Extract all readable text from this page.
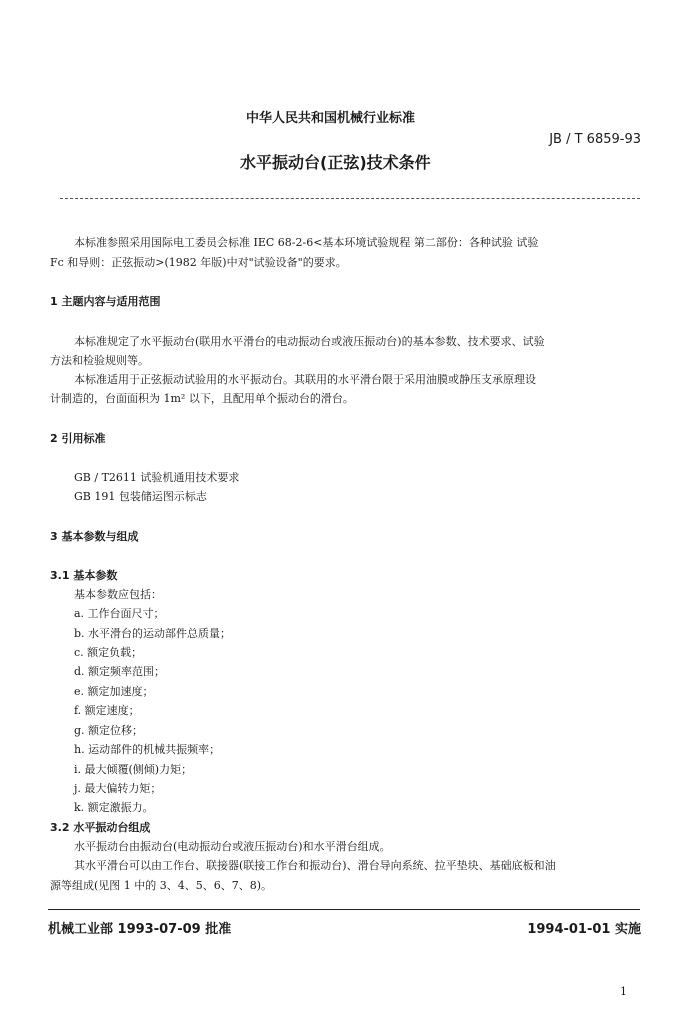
中华人民共和国机械行业标准
JB / T 6859-93
水平振动台(正弦)技术条件
本标准参照采用国际电工委员会标准 IEC 68-2-6<基本环境试验规程 第二部份：各种试验 试验
Fc 和导则：正弦振动>(1982 年版)中对"试验设备"的要求。
1 主题内容与适用范围
本标准规定了水平振动台(联用水平滑台的电动振动台或液压振动台)的基本参数、技术要求、试验
方法和检验规则等。
本标准适用于正弦振动试验用的水平振动台。其联用的水平滑台限于采用油膜或静压支承原理设
计制造的，台面面积为 1m² 以下，且配用单个振动台的滑台。
2 引用标准
GB / T2611 试验机通用技术要求
GB 191 包装储运图示标志
3 基本参数与组成
3.1 基本参数
基本参数应包括：
a. 工作台面尺寸；
b. 水平滑台的运动部件总质量；
c. 额定负载；
d. 额定频率范围；
e. 额定加速度；
f. 额定速度；
g. 额定位移；
h. 运动部件的机械共振频率；
i. 最大倾覆(侧倾)力矩；
j. 最大偏转力矩；
k. 额定激振力。
3.2 水平振动台组成
水平振动台由振动台(电动振动台或液压振动台)和水平滑台组成。
其水平滑台可以由工作台、联接器(联接工作台和振动台)、滑台导向系统、拉平垫块、基础底板和油
源等组成(见图 1 中的 3、4、5、6、7、8)。
机械工业部 1993-07-09 批准	1994-01-01 实施
1
